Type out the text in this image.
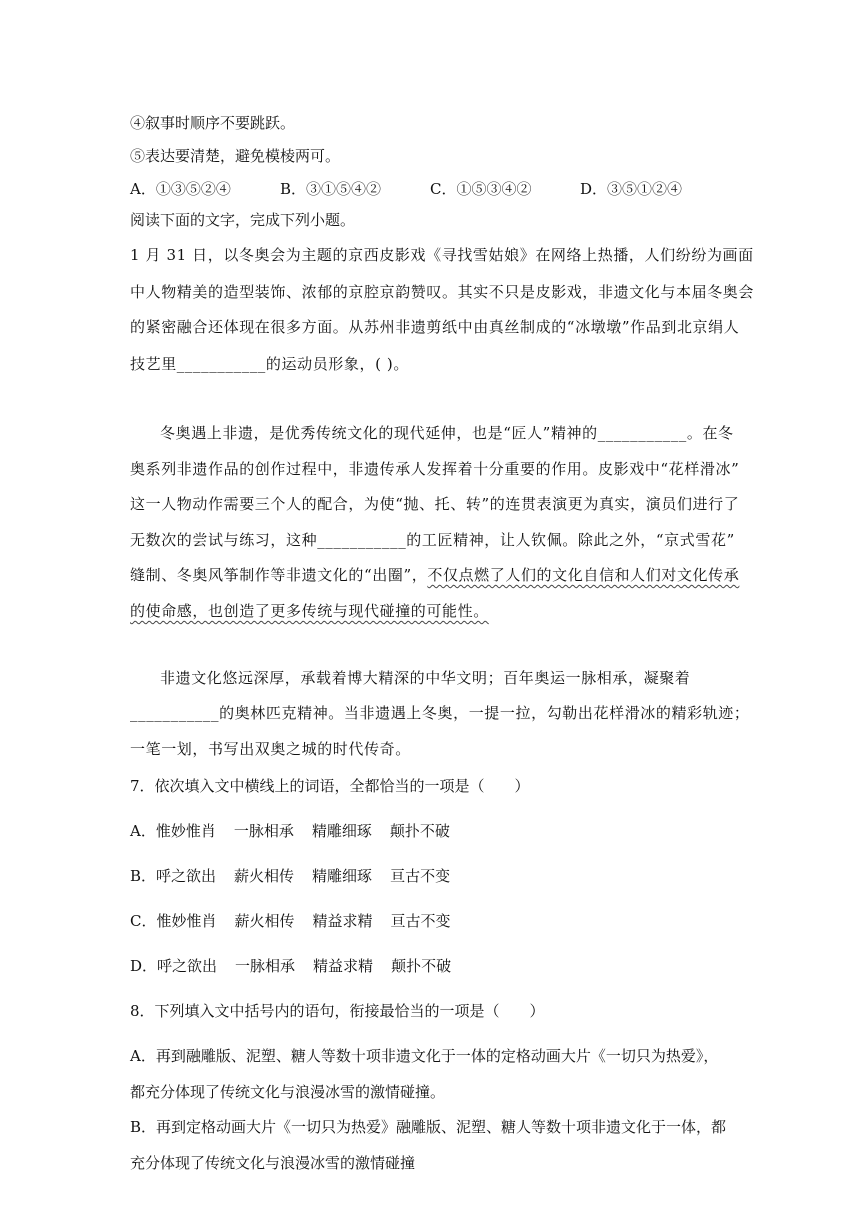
④叙事时顺序不要跳跃。
⑤表达要清楚，避免模棱两可。
A．①③⑤②④	B．③①⑤④②	C．①⑤③④②	D．③⑤①②④
阅读下面的文字，完成下列小题。
1 月 31 日，以冬奥会为主题的京西皮影戏《寻找雪姑娘》在网络上热播，人们纷纷为画面
中人物精美的造型装饰、浓郁的京腔京韵赞叹。其实不只是皮影戏，非遗文化与本届冬奥会
的紧密融合还体现在很多方面。从苏州非遗剪纸中由真丝制成的“冰墩墩”作品到北京绢人
技艺里___________的运动员形象，( )。
冬奥遇上非遗，是优秀传统文化的现代延伸，也是“匠人”精神的___________。在冬
奥系列非遗作品的创作过程中，非遗传承人发挥着十分重要的作用。皮影戏中“花样滑冰”
这一人物动作需要三个人的配合，为使“抛、托、转”的连贯表演更为真实，演员们进行了
无数次的尝试与练习，这种___________的工匠精神，让人钦佩。除此之外，“京式雪花”
缝制、冬奥风筝制作等非遗文化的“出圈”，不仅点燃了人们的文化自信和人们对文化传承
的使命感，也创造了更多传统与现代碰撞的可能性。
非遗文化悠远深厚，承载着博大精深的中华文明；百年奥运一脉相承，凝聚着
___________的奥林匹克精神。当非遗遇上冬奥，一提一拉，勾勒出花样滑冰的精彩轨迹；
一笔一划，书写出双奥之城的时代传奇。
7．依次填入文中横线上的词语，全都恰当的一项是（　　）
A．惟妙惟肖 一脉相承 精雕细琢 颠扑不破
B．呼之欲出 薪火相传 精雕细琢 亘古不变
C．惟妙惟肖 薪火相传 精益求精 亘古不变
D．呼之欲出 一脉相承 精益求精 颠扑不破
8．下列填入文中括号内的语句，衔接最恰当的一项是（　　）
A．再到融雕版、泥塑、糖人等数十项非遗文化于一体的定格动画大片《一切只为热爱》，
都充分体现了传统文化与浪漫冰雪的激情碰撞。
B．再到定格动画大片《一切只为热爱》融雕版、泥塑、糖人等数十项非遗文化于一体，都
充分体现了传统文化与浪漫冰雪的激情碰撞
